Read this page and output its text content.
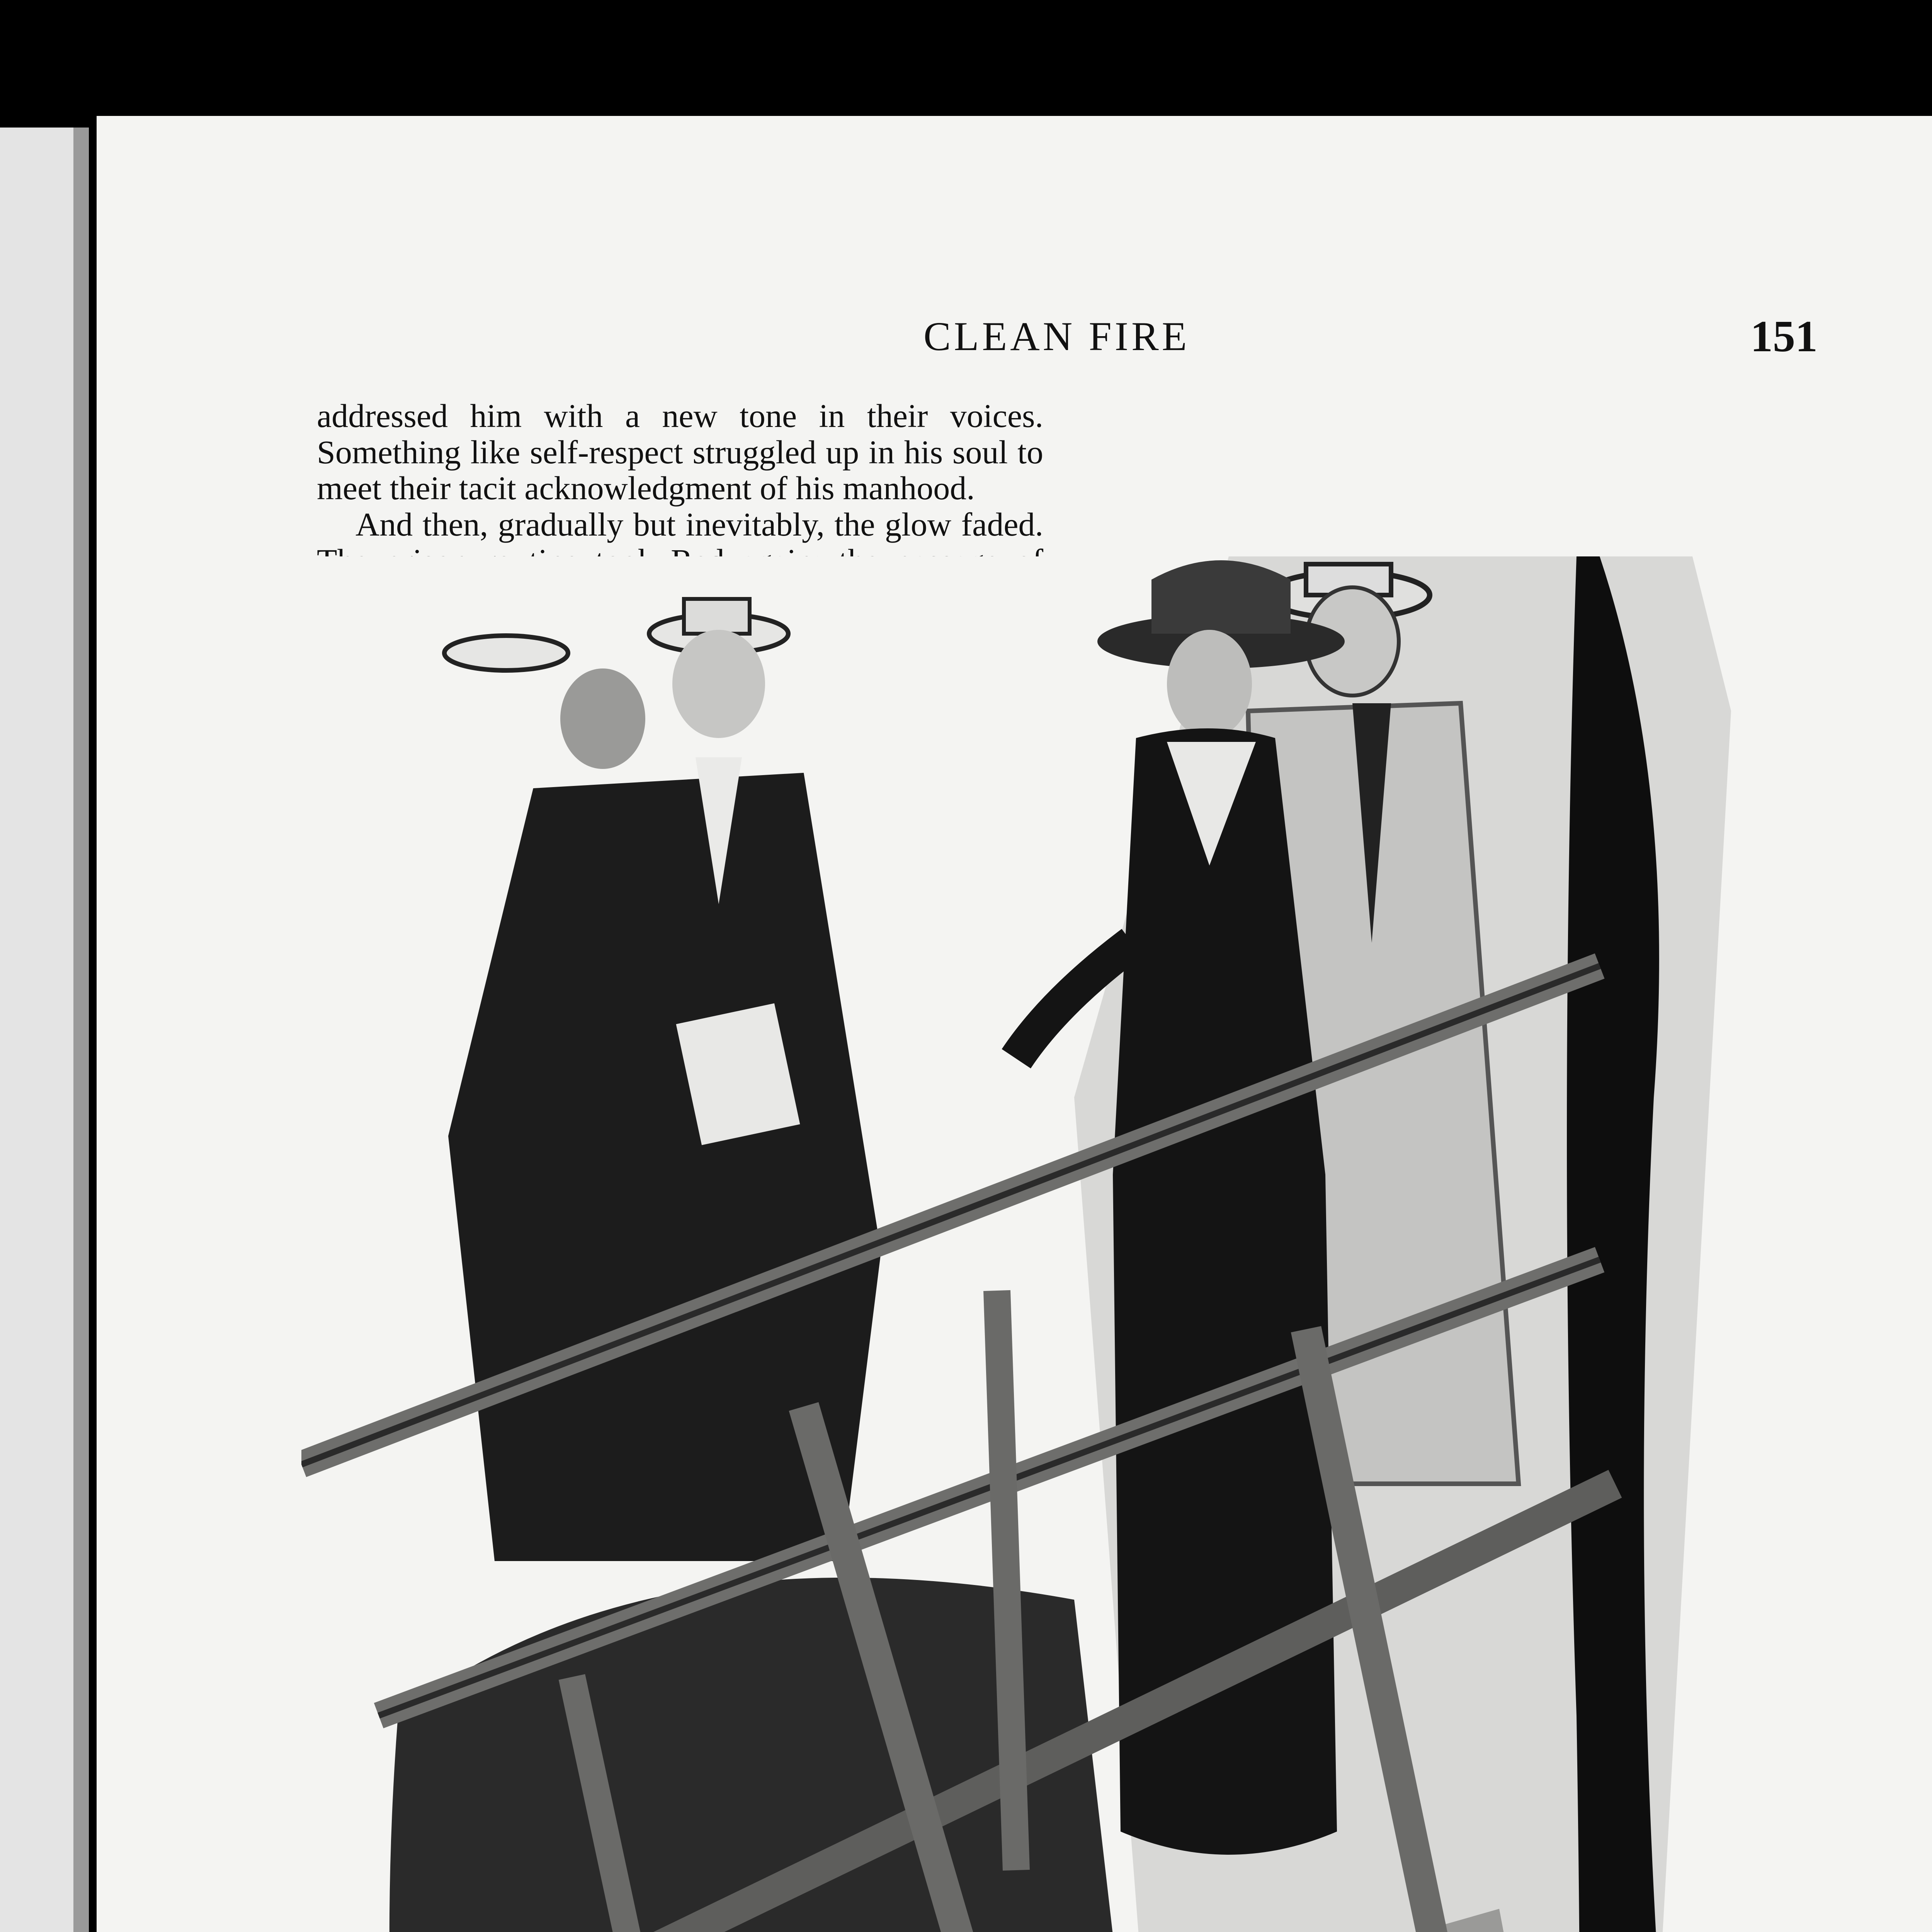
CLEAN FIRE	151

addressed him with a new tone in their voices. Something like self-respect struggled up in his soul to meet their tacit acknowledgment of his manhood.

And then, gradually but inevitably, the glow faded.
